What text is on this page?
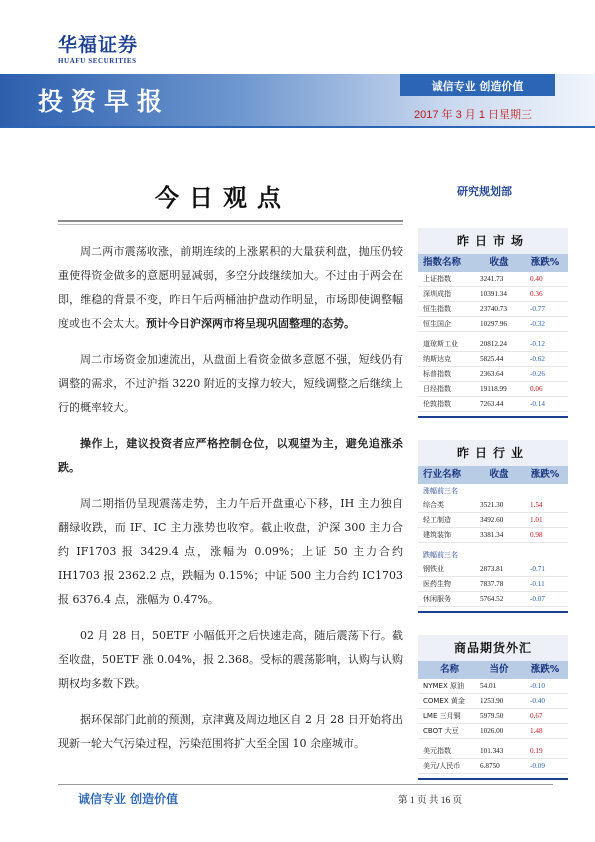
华福证券
HUAFU SECURITIES
投资早报
诚信专业 创造价值
2017 年 3 月 1 日星期三
今日观点	研究规划部

周二两市震荡收涨，前期连续的上涨累积的大量获利盘，抛压仍较重使得资金做多的意愿明显减弱，多空分歧继续加大。不过由于两会在即，维稳的背景不变，昨日午后两桶油护盘动作明显，市场即使调整幅度或也不会太大。预计今日沪深两市将呈现巩固整理的态势。

周二市场资金加速流出，从盘面上看资金做多意愿不强，短线仍有调整的需求，不过沪指 3220 附近的支撑力较大，短线调整之后继续上行的概率较大。

操作上，建议投资者应严格控制仓位，以观望为主，避免追涨杀跌。

周二期指仍呈现震荡走势，主力午后开盘重心下移，IH 主力独自翻绿收跌，而 IF、IC 主力涨势也收窄。截止收盘，沪深 300 主力合约 IF1703 报 3429.4 点，涨幅为 0.09%；上证 50 主力合约 IH1703 报 2362.2 点，跌幅为 0.15%；中证 500 主力合约 IC1703 报 6376.4 点，涨幅为 0.47%。

02 月 28 日，50ETF 小幅低开之后快速走高，随后震荡下行。截至收盘，50ETF 涨 0.04%，报 2.368。受标的震荡影响，认购与认购期权均多数下跌。

据环保部门此前的预测，京津冀及周边地区自 2 月 28 日开始将出现新一轮大气污染过程，污染范围将扩大至全国 10 余座城市。

昨日市场
指数名称	收盘	涨跌%
上证指数	3241.73	0.40
深圳成指	10391.34	0.36
恒生指数	23740.73	-0.77
恒生国企	10297.96	-0.32
道琼斯工业	20812.24	-0.12
纳斯达克	5825.44	-0.62
标普指数	2363.64	-0.26
日经指数	19118.99	0.06
伦敦指数	7263.44	-0.14
昨日行业
行业名称	收盘	涨跌%
涨幅前三名
综合类	3521.30	1.54
轻工制造	3492.60	1.01
建筑装饰	3381.34	0.98
跌幅前三名
钢铁业	2873.81	-0.71
医药生物	7837.78	-0.11
休闲服务	5764.52	-0.07
商品期货外汇
名称	当价	涨跌%
NYMEX 原油	54.01	-0.10
COMEX 黄金	1253.90	-0.40
LME 三月铜	5979.50	0.67
CBOT 大豆	1026.00	1.48
美元指数	101.343	0.19
美元/人民币	6.8750	-0.09
诚信专业 创造价值	第 1 页 共 16 页
